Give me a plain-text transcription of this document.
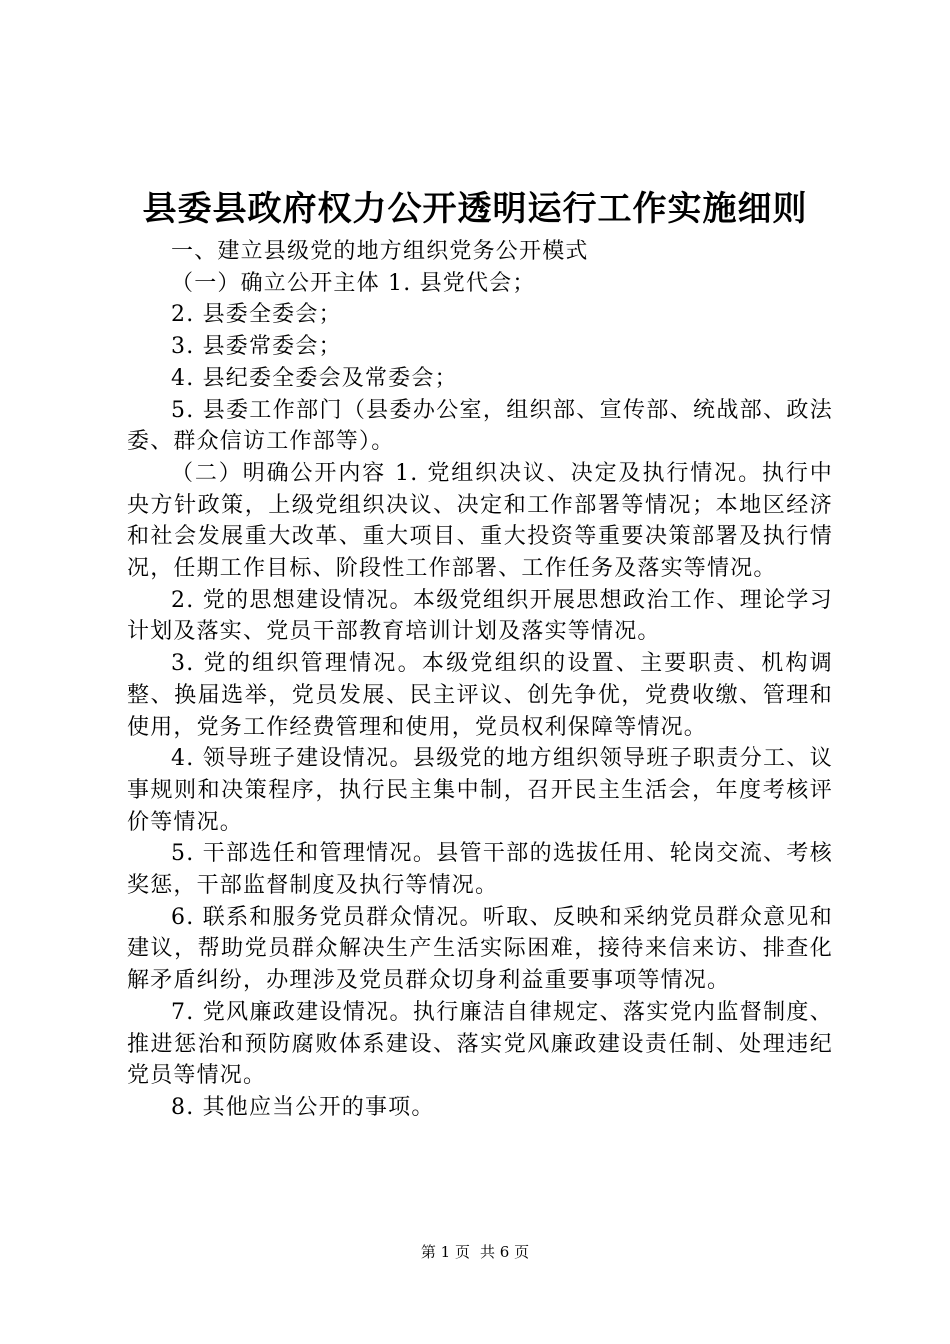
县委县政府权力公开透明运行工作实施细则

一、建立县级党的地方组织党务公开模式

（一）确立公开主体 1. 县党代会；

2. 县委全委会；

3. 县委常委会；

4. 县纪委全委会及常委会；

5. 县委工作部门（县委办公室，组织部、宣传部、统战部、政法委、群众信访工作部等）。

（二）明确公开内容 1. 党组织决议、决定及执行情况。执行中央方针政策，上级党组织决议、决定和工作部署等情况；本地区经济和社会发展重大改革、重大项目、重大投资等重要决策部署及执行情况，任期工作目标、阶段性工作部署、工作任务及落实等情况。

2. 党的思想建设情况。本级党组织开展思想政治工作、理论学习计划及落实、党员干部教育培训计划及落实等情况。

3. 党的组织管理情况。本级党组织的设置、主要职责、机构调整、换届选举，党员发展、民主评议、创先争优，党费收缴、管理和使用，党务工作经费管理和使用，党员权利保障等情况。

4. 领导班子建设情况。县级党的地方组织领导班子职责分工、议事规则和决策程序，执行民主集中制，召开民主生活会，年度考核评价等情况。

5. 干部选任和管理情况。县管干部的选拔任用、轮岗交流、考核奖惩，干部监督制度及执行等情况。

6. 联系和服务党员群众情况。听取、反映和采纳党员群众意见和建议，帮助党员群众解决生产生活实际困难，接待来信来访、排查化解矛盾纠纷，办理涉及党员群众切身利益重要事项等情况。

7. 党风廉政建设情况。执行廉洁自律规定、落实党内监督制度、推进惩治和预防腐败体系建设、落实党风廉政建设责任制、处理违纪党员等情况。

8. 其他应当公开的事项。

第 1 页 共 6 页
